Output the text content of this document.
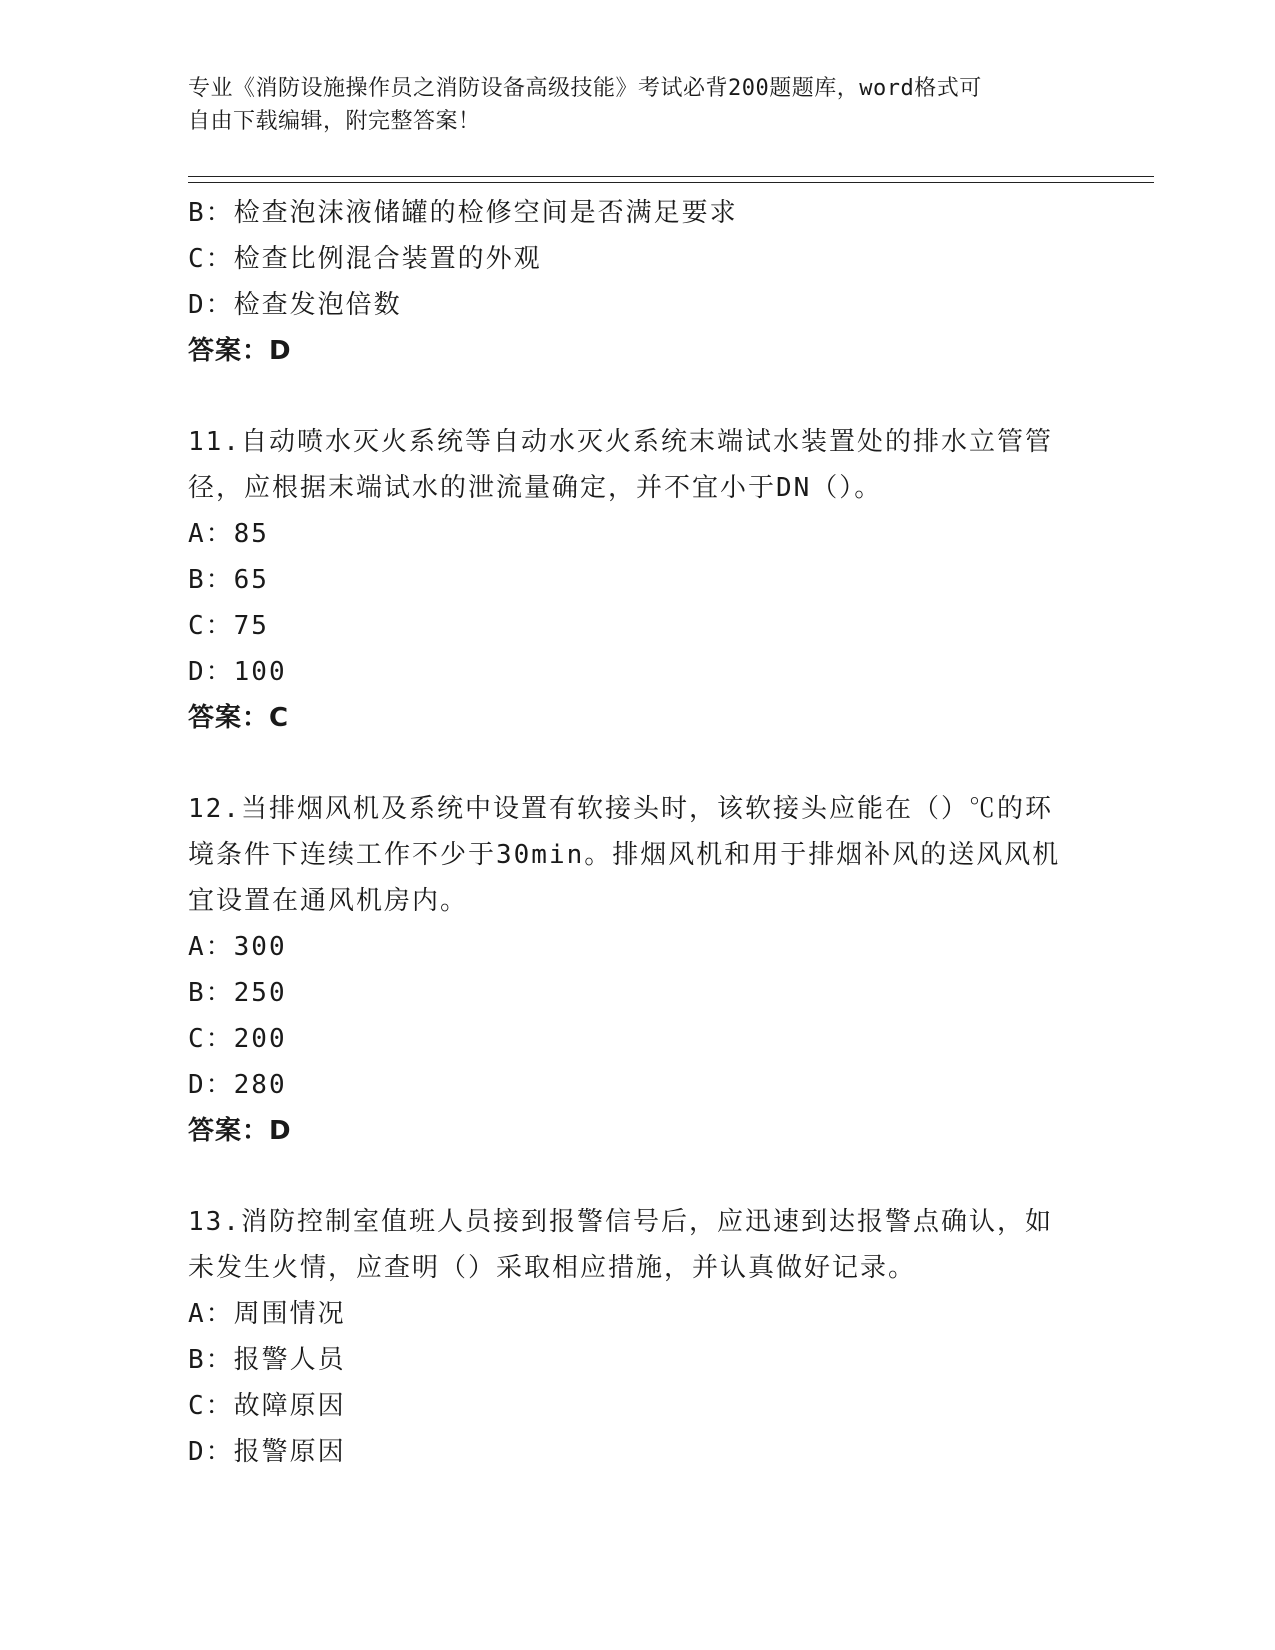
专业《消防设施操作员之消防设备高级技能》考试必背200题题库，word格式可
自由下载编辑，附完整答案！
B：检查泡沫液储罐的检修空间是否满足要求
C：检查比例混合装置的外观
D：检查发泡倍数
答案：D
11.自动喷水灭火系统等自动水灭火系统末端试水装置处的排水立管管
径，应根据末端试水的泄流量确定，并不宜小于DN（）。
A：85
B：65
C：75
D：100
答案：C
12.当排烟风机及系统中设置有软接头时，该软接头应能在（）℃的环
境条件下连续工作不少于30min。排烟风机和用于排烟补风的送风风机
宜设置在通风机房内。
A：300
B：250
C：200
D：280
答案：D
13.消防控制室值班人员接到报警信号后，应迅速到达报警点确认，如
未发生火情，应查明（）采取相应措施，并认真做好记录。
A：周围情况
B：报警人员
C：故障原因
D：报警原因
